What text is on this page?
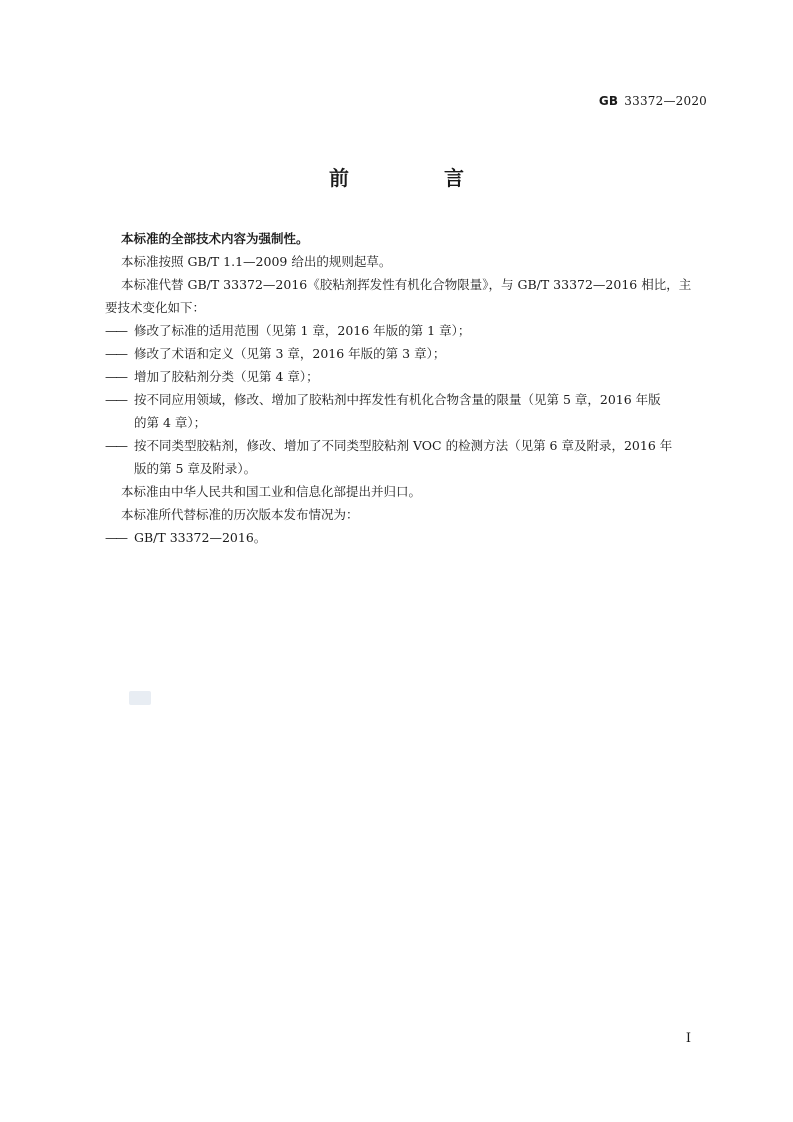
GB 33372—2020
前 言

本标准的全部技术内容为强制性。

本标准按照 GB/T 1.1—2009 给出的规则起草。

本标准代替 GB/T 33372—2016《胶粘剂挥发性有机化合物限量》，与 GB/T 33372—2016 相比，主

要技术变化如下：

—— 修改了标准的适用范围（见第 1 章，2016 年版的第 1 章）；
—— 修改了术语和定义（见第 3 章，2016 年版的第 3 章）；
—— 增加了胶粘剂分类（见第 4 章）；
—— 按不同应用领域，修改、增加了胶粘剂中挥发性有机化合物含量的限量（见第 5 章，2016 年版
的第 4 章）；
—— 按不同类型胶粘剂，修改、增加了不同类型胶粘剂 VOC 的检测方法（见第 6 章及附录，2016 年
版的第 5 章及附录）。

本标准由中华人民共和国工业和信息化部提出并归口。

本标准所代替标准的历次版本发布情况为：

—— GB/T 33372—2016。
I
